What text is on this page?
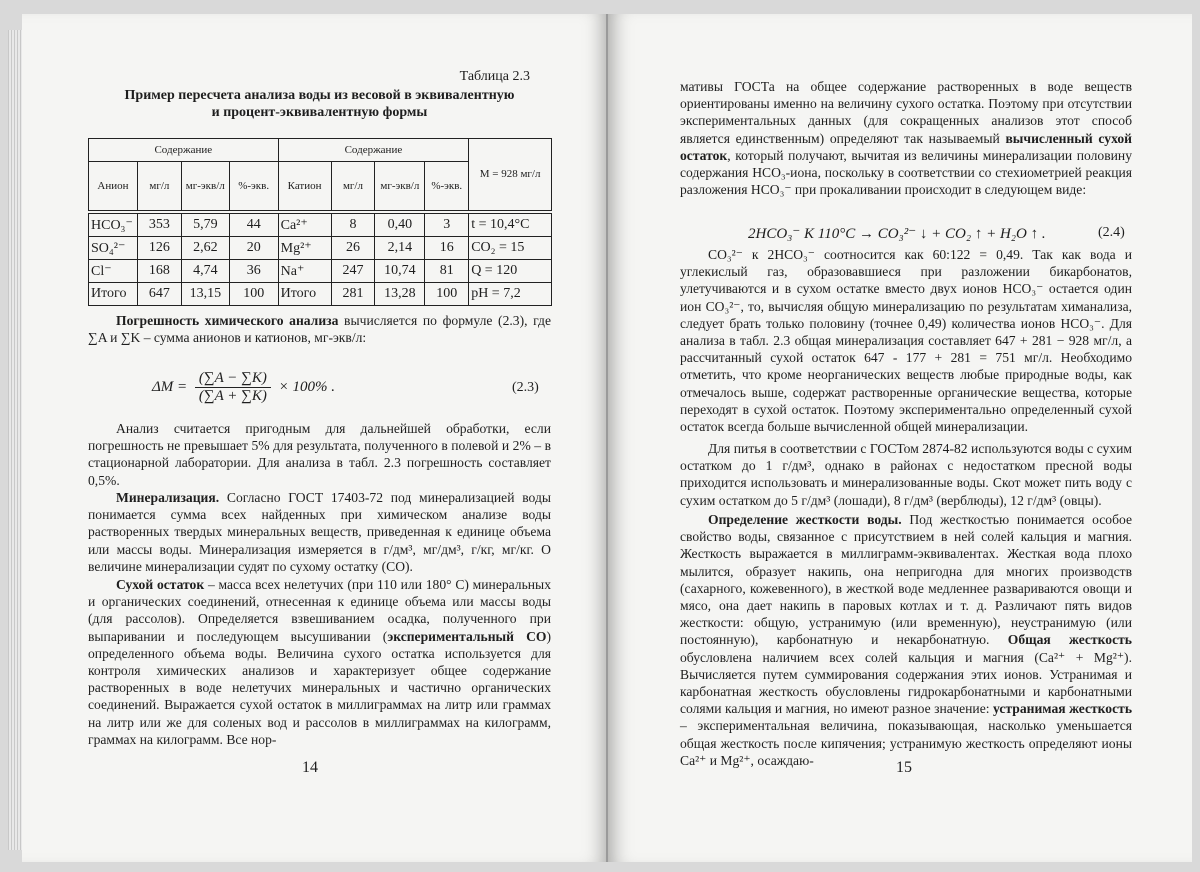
Таблица 2.3
Пример пересчета анализа воды из весовой в эквивалентную
и процент-эквивалентную формы
Содержание				Содержание				M = 928 мг/л
Анион	мг/л	мг-экв/л	%-экв.	Катион	мг/л	мг-экв/л	%-экв.	
HCO₃⁻	353	5,79	44	Ca²⁺	8	0,40	3	t = 10,4°C
SO₄²⁻	126	2,62	20	Mg²⁺	26	2,14	16	CO₂ = 15
Cl⁻	168	4,74	36	Na⁺	247	10,74	81	Q = 120
Итого	647	13,15	100	Итого	281	13,28	100	pH = 7,2
Погрешность химического анализа вычисляется по формуле (2.3), где ∑A и ∑K – сумма анионов и катионов, мг-экв/л:
$\Delta M = \frac{(\sum A - \sum K)}{(\sum A + \sum K)} \times 100\%$ .	(2.3)
Анализ считается пригодным для дальнейшей обработки, если погрешность не превышает 5% для результата, полученного в полевой и 2% – в стационарной лаборатории. Для анализа в табл. 2.3 погрешность составляет 0,5%.
Минерализация. Согласно ГОСТ 17403-72 под минерализацией воды понимается сумма всех найденных при химическом анализе воды растворенных твердых минеральных веществ, приведенная к единице объема или массы воды. Минерализация измеряется в г/дм³, мг/дм³, г/кг, мг/кг. О величине минерализации судят по сухому остатку (СО).
Сухой остаток – масса всех нелетучих (при 110 или 180° С) минеральных и органических соединений, отнесенная к единице объема или массы воды (для рассолов). Определяется взвешиванием осадка, полученного при выпаривании и последующем высушивании (экспериментальный СО) определенного объема воды. Величина сухого остатка используется для контроля химических анализов и характеризует общее содержание растворенных в воде нелетучих минеральных и частично органических соединений. Выражается сухой остаток в миллиграммах на литр или граммах на литр или же для соленых вод и рассолов в миллиграммах на килограмм, граммах на килограмм. Все нор-
14
мативы ГОСТа на общее содержание растворенных в воде веществ ориентированы именно на величину сухого остатка. Поэтому при отсутствии экспериментальных данных (для сокращенных анализов этот способ является единственным) определяют так называемый вычисленный сухой остаток, который получают, вычитая из величины минерализации половину содержания HCO₃-иона, поскольку в соответствии со стехиометрией реакция разложения HCO₃⁻ при прокаливании происходит в следующем виде:
2HCO₃⁻ K 110°C → CO₃²⁻ ↓ + CO₂ ↑ + H₂O ↑ .	(2.4)
CO₃²⁻ к 2HCO₃⁻ соотносится как 60:122 = 0,49. Так как вода и углекислый газ, образовавшиеся при разложении бикарбонатов, улетучиваются и в сухом остатке вместо двух ионов HCO₃⁻ остается один ион CO₃²⁻, то, вычисляя общую минерализацию по результатам химанализа, следует брать только половину (точнее 0,49) количества ионов HCO₃⁻. Для анализа в табл. 2.3 общая минерализация составляет 647 + 281 − 928 мг/л, а рассчитанный сухой остаток 647 - 177 + 281 = 751 мг/л. Необходимо отметить, что кроме неорганических веществ любые природные воды, как отмечалось выше, содержат растворенные органические вещества, которые переходят в сухой остаток. Поэтому экспериментально определенный сухой остаток всегда больше вычисленной общей минерализации.
Для питья в соответствии с ГОСТом 2874-82 используются воды с сухим остатком до 1 г/дм³, однако в районах с недостатком пресной воды приходится использовать и минерализованные воды. Скот может пить воду с сухим остатком до 5 г/дм³ (лошади), 8 г/дм³ (верблюды), 12 г/дм³ (овцы).
Определение жесткости воды. Под жесткостью понимается особое свойство воды, связанное с присутствием в ней солей кальция и магния. Жесткость выражается в миллиграмм-эквивалентах. Жесткая вода плохо мылится, образует накипь, она непригодна для многих производств (сахарного, кожевенного), в жесткой воде медленнее развариваются овощи и мясо, она дает накипь в паровых котлах и т. д. Различают пять видов жесткости: общую, устранимую (или временную), неустранимую (или постоянную), карбонатную и некарбонатную. Общая жесткость обусловлена наличием всех солей кальция и магния (Ca²⁺ + Mg²⁺). Вычисляется путем суммирования содержания этих ионов. Устранимая и карбонатная жесткость обусловлены гидрокарбонатными и карбонатными солями кальция и магния, но имеют разное значение: устранимая жесткость – экспериментальная величина, показывающая, насколько уменьшается общая жесткость после кипячения; устранимую жесткость определяют ионы Ca²⁺ и Mg²⁺, осаждаю-	15
